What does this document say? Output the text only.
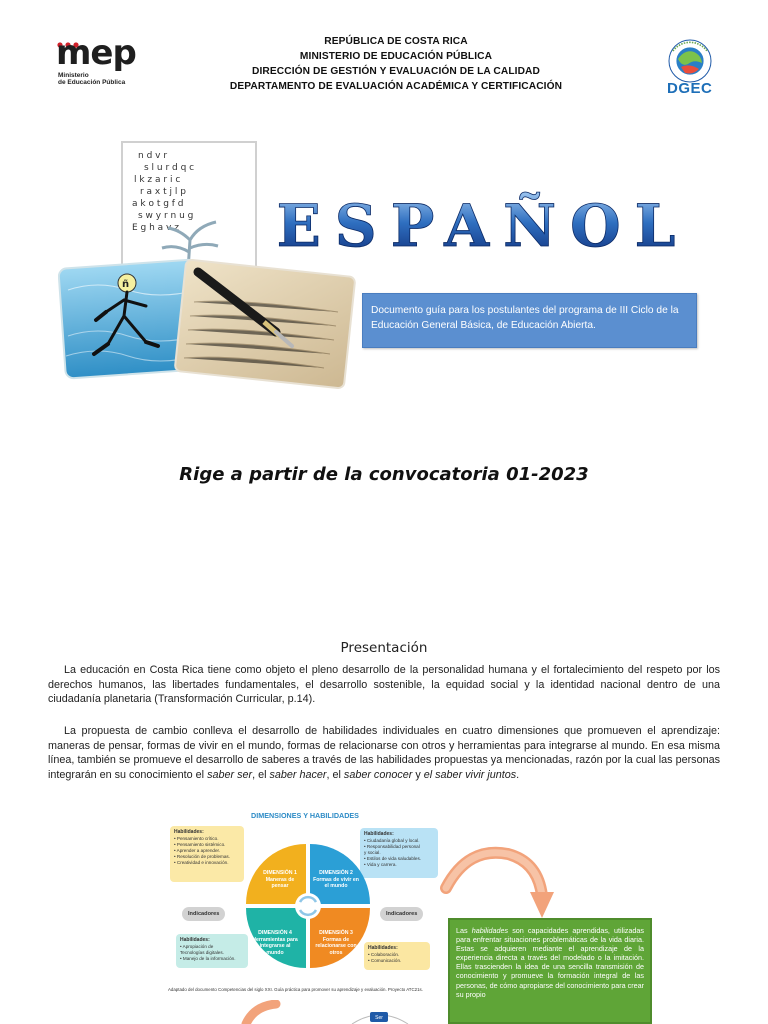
mep
Ministerio
de Educación Pública
REPÚBLICA DE COSTA RICA
MINISTERIO DE EDUCACIÓN PÚBLICA
DIRECCIÓN DE GESTIÓN Y EVALUACIÓN DE LA CALIDAD
DEPARTAMENTO DE EVALUACIÓN ACADÉMICA Y CERTIFICACIÓN	DGEC
n d v r
s l u r d q c
l k z a r i c
r a x t j l p
a k o t g f d
s w y r n u g
E g h a v z
ñ
ESPAÑOL
Documento guía para los postulantes del programa de III Ciclo de la Educación General Básica, de Educación Abierta.
Rige a partir de la convocatoria 01-2023
Presentación
La educación en Costa Rica tiene como objeto el pleno desarrollo de la personalidad humana y el fortalecimiento del respeto por los derechos humanos, las libertades fundamentales, el desarrollo sostenible, la equidad social y la identidad nacional dentro de una ciudadanía planetaria (Transformación Curricular, p.14).
La propuesta de cambio conlleva el desarrollo de habilidades individuales en cuatro dimensiones que promueven el aprendizaje: maneras de pensar, formas de vivir en el mundo, formas de relacionarse con otros y herramientas para integrarse al mundo. En esa misma línea, también se promueve el desarrollo de saberes a través de las habilidades propuestas ya mencionadas, razón por la cual las personas integrarán en su conocimiento el saber ser, el saber hacer, el saber conocer y el saber vivir juntos.
DIMENSIONES Y HABILIDADES
Habilidades:
• Pensamiento crítico.
• Pensamiento sistémico.
• Aprender a aprender.
• Resolución de problemas.
• Creatividad e innovación.
Habilidades:
• Ciudadanía global y local.
• Responsabilidad personal
y social.
• Estilos de vida saludables.
• Vida y carrera.
Habilidades:
• Apropiación de
Tecnologías digitales.
• Manejo de la información.
Habilidades:
• Colaboración.
• Comunicación.
DIMENSIÓN 1
Maneras de pensar
DIMENSIÓN 2
Formas de vivir en el mundo
DIMENSIÓN 4
Herramientas para integrarse al mundo
DIMENSIÓN 3
Formas de relacionarse con otros
Indicadores	Indicadores
Adaptado del documento Competencias del siglo XXI. Guía práctica para promover su aprendizaje y evaluación. Proyecto ATC21s.
Las habilidades son capacidades aprendidas, utilizadas para enfrentar situaciones problemáticas de la vida diaria. Estas se adquieren mediante el aprendizaje de la experiencia directa a través del modelado o la imitación. Ellas trascienden la idea de una sencilla transmisión de conocimiento y promueve la formación integral de las personas, de cómo apropiarse del conocimiento para crear su propio
Ser
